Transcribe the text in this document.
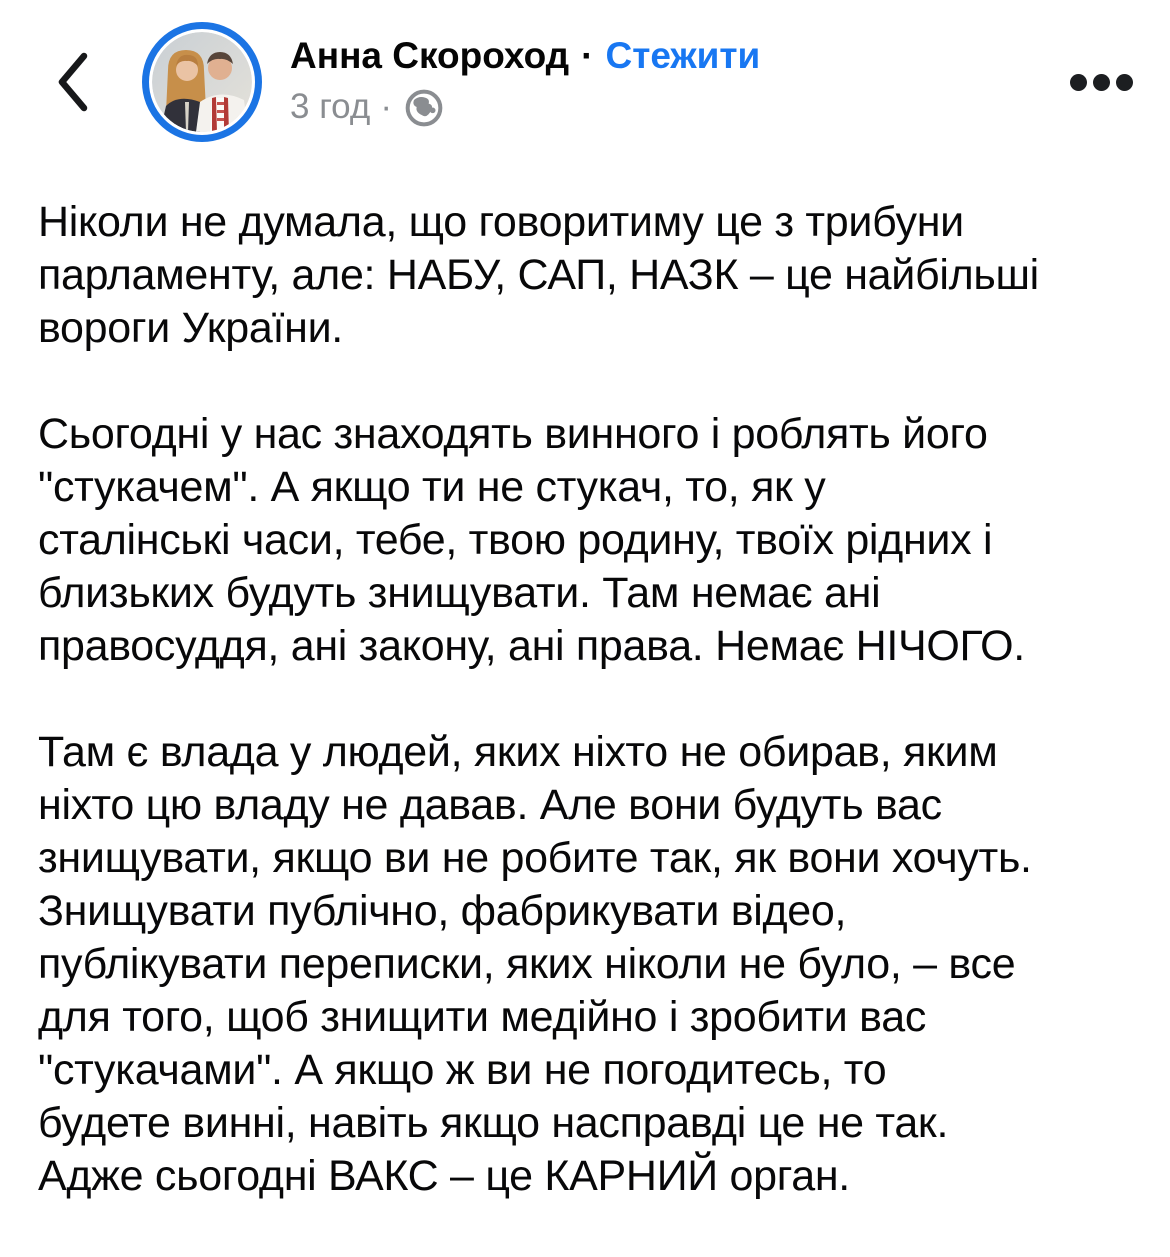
Анна Скороход · Стежити
3 год ·

Ніколи не думала, що говоритиму це з трибуни
парламенту, але: НАБУ, САП, НАЗК – це найбільші
вороги України.

Сьогодні у нас знаходять винного і роблять його
"стукачем". А якщо ти не стукач, то, як у
сталінські часи, тебе, твою родину, твоїх рідних і
близьких будуть знищувати. Там немає ані
правосуддя, ані закону, ані права. Немає НІЧОГО.

Там є влада у людей, яких ніхто не обирав, яким
ніхто цю владу не давав. Але вони будуть вас
знищувати, якщо ви не робите так, як вони хочуть.
Знищувати публічно, фабрикувати відео,
публікувати переписки, яких ніколи не було, – все
для того, щоб знищити медійно і зробити вас
"стукачами". А якщо ж ви не погодитесь, то
будете винні, навіть якщо насправді це не так.
Адже сьогодні ВАКС – це КАРНИЙ орган.
